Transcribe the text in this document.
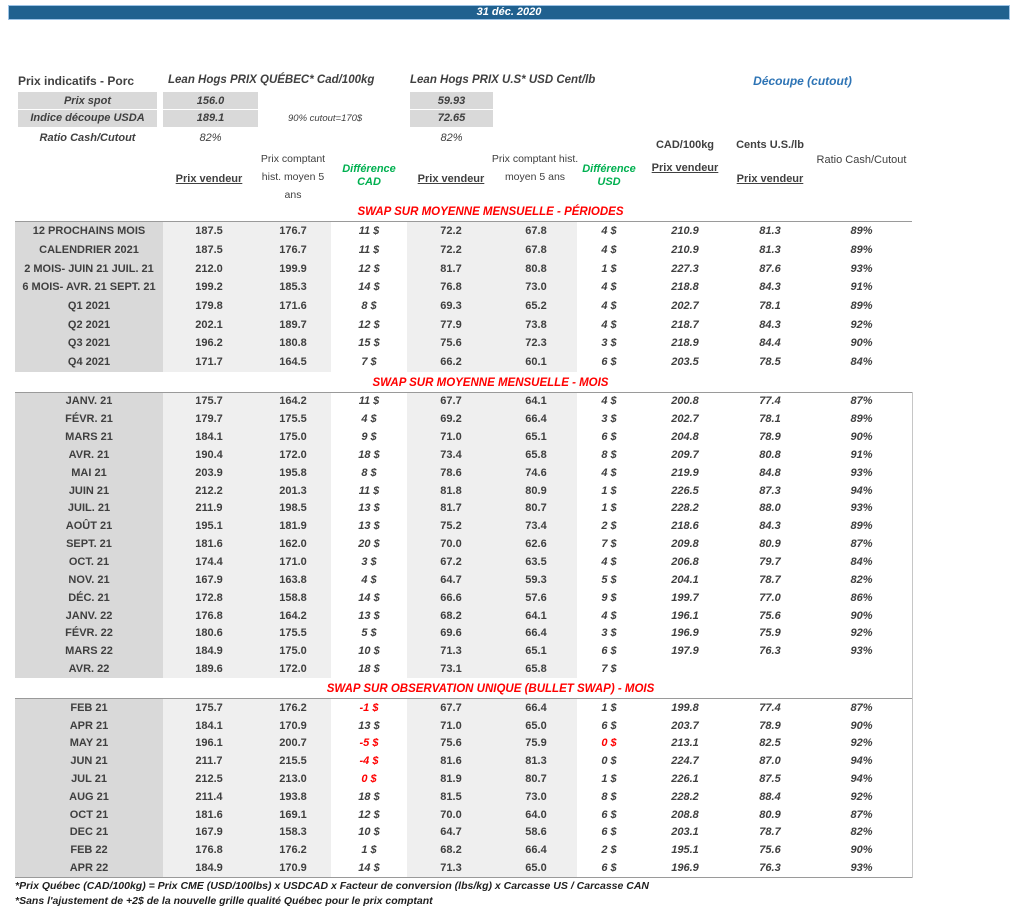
31 déc. 2020
Prix indicatifs - Porc	Lean Hogs PRIX QUÉBEC* Cad/100kg	Lean Hogs PRIX U.S* USD Cent/lb	Découpe (cutout)
Prix spot	156.0	59.93
Indice découpe USDA	189.1	90% cutout=170$	72.65
Ratio Cash/Cutout	82%	82%
CAD/100kg	Cents U.S./lb
Prix vendeur
Prix comptant hist. moyen 5 ans
Différence CAD	Prix vendeur
Prix comptant hist. moyen 5 ans
Différence USD
Prix vendeur
Prix vendeur
Ratio Cash/Cutout
SWAP SUR MOYENNE MENSUELLE - PÉRIODES
12 PROCHAINS MOIS	187.5	176.7	11 $	72.2	67.8	4 $	210.9	81.3	89%
CALENDRIER 2021	187.5	176.7	11 $	72.2	67.8	4 $	210.9	81.3	89%
2 MOIS- JUIN 21 JUIL. 21	212.0	199.9	12 $	81.7	80.8	1 $	227.3	87.6	93%
6 MOIS- AVR. 21 SEPT. 21	199.2	185.3	14 $	76.8	73.0	4 $	218.8	84.3	91%
Q1 2021	179.8	171.6	8 $	69.3	65.2	4 $	202.7	78.1	89%
Q2 2021	202.1	189.7	12 $	77.9	73.8	4 $	218.7	84.3	92%
Q3 2021	196.2	180.8	15 $	75.6	72.3	3 $	218.9	84.4	90%
Q4 2021	171.7	164.5	7 $	66.2	60.1	6 $	203.5	78.5	84%
SWAP SUR MOYENNE MENSUELLE - MOIS
JANV. 21	175.7	164.2	11 $	67.7	64.1	4 $	200.8	77.4	87%
FÉVR. 21	179.7	175.5	4 $	69.2	66.4	3 $	202.7	78.1	89%
MARS 21	184.1	175.0	9 $	71.0	65.1	6 $	204.8	78.9	90%
AVR. 21	190.4	172.0	18 $	73.4	65.8	8 $	209.7	80.8	91%
MAI 21	203.9	195.8	8 $	78.6	74.6	4 $	219.9	84.8	93%
JUIN 21	212.2	201.3	11 $	81.8	80.9	1 $	226.5	87.3	94%
JUIL. 21	211.9	198.5	13 $	81.7	80.7	1 $	228.2	88.0	93%
AOÛT 21	195.1	181.9	13 $	75.2	73.4	2 $	218.6	84.3	89%
SEPT. 21	181.6	162.0	20 $	70.0	62.6	7 $	209.8	80.9	87%
OCT. 21	174.4	171.0	3 $	67.2	63.5	4 $	206.8	79.7	84%
NOV. 21	167.9	163.8	4 $	64.7	59.3	5 $	204.1	78.7	82%
DÉC. 21	172.8	158.8	14 $	66.6	57.6	9 $	199.7	77.0	86%
JANV. 22	176.8	164.2	13 $	68.2	64.1	4 $	196.1	75.6	90%
FÉVR. 22	180.6	175.5	5 $	69.6	66.4	3 $	196.9	75.9	92%
MARS 22	184.9	175.0	10 $	71.3	65.1	6 $	197.9	76.3	93%
AVR. 22	189.6	172.0	18 $	73.1	65.8	7 $
SWAP SUR OBSERVATION UNIQUE (BULLET SWAP) - MOIS
FEB 21	175.7	176.2	-1 $	67.7	66.4	1 $	199.8	77.4	87%
APR 21	184.1	170.9	13 $	71.0	65.0	6 $	203.7	78.9	90%
MAY 21	196.1	200.7	-5 $	75.6	75.9	0 $	213.1	82.5	92%
JUN 21	211.7	215.5	-4 $	81.6	81.3	0 $	224.7	87.0	94%
JUL 21	212.5	213.0	0 $	81.9	80.7	1 $	226.1	87.5	94%
AUG 21	211.4	193.8	18 $	81.5	73.0	8 $	228.2	88.4	92%
OCT 21	181.6	169.1	12 $	70.0	64.0	6 $	208.8	80.9	87%
DEC 21	167.9	158.3	10 $	64.7	58.6	6 $	203.1	78.7	82%
FEB 22	176.8	176.2	1 $	68.2	66.4	2 $	195.1	75.6	90%
APR 22	184.9	170.9	14 $	71.3	65.0	6 $	196.9	76.3	93%
*Prix Québec (CAD/100kg) = Prix CME (USD/100lbs) x USDCAD x Facteur de conversion (lbs/kg) x Carcasse US / Carcasse CAN
*Sans l'ajustement de +2$ de la nouvelle grille qualité Québec pour le prix comptant
